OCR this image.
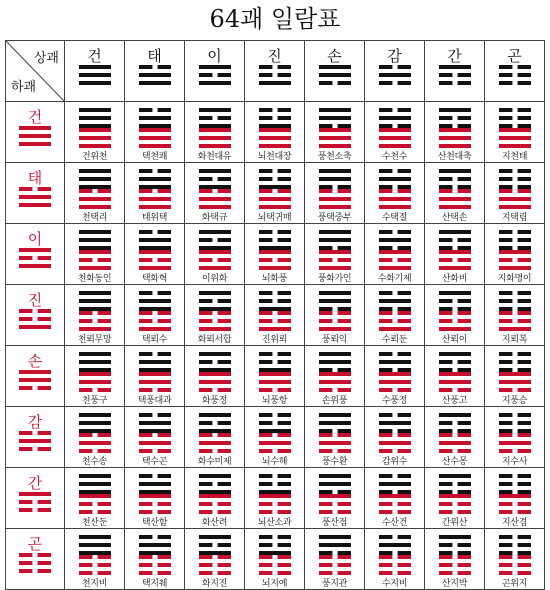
64괘 일람표
상괘
하괘	건	태	이	진	손	감	간	곤

건	건위천	택천쾌	화천대유	뇌천대장	풍천소축	수천수	산천대축	지천태

태	천택리	태위택	화택규	뇌택귀매	풍택중부	수택절	산택손	지택림

이	천화동인	택화혁	이위화	뇌화풍	풍화가인	수화기제	산화비	지화명이

진	천뢰무망	택뢰수	화뢰서합	진위뢰	풍뢰익	수뢰둔	산뢰이	지뢰복

손	천풍구	택풍대과	화풍정	뇌풍항	손위풍	수풍정	산풍고	지풍승

감	천수송	택수곤	화수미제	뇌수해	풍수환	감위수	산수몽	지수사

간	천산둔	택산함	화산려	뇌산소과	풍산점	수산건	간위산	지산겸

곤	천지비	택지췌	화지진	뇌지예	풍지관	수지비	산지박	곤위지
